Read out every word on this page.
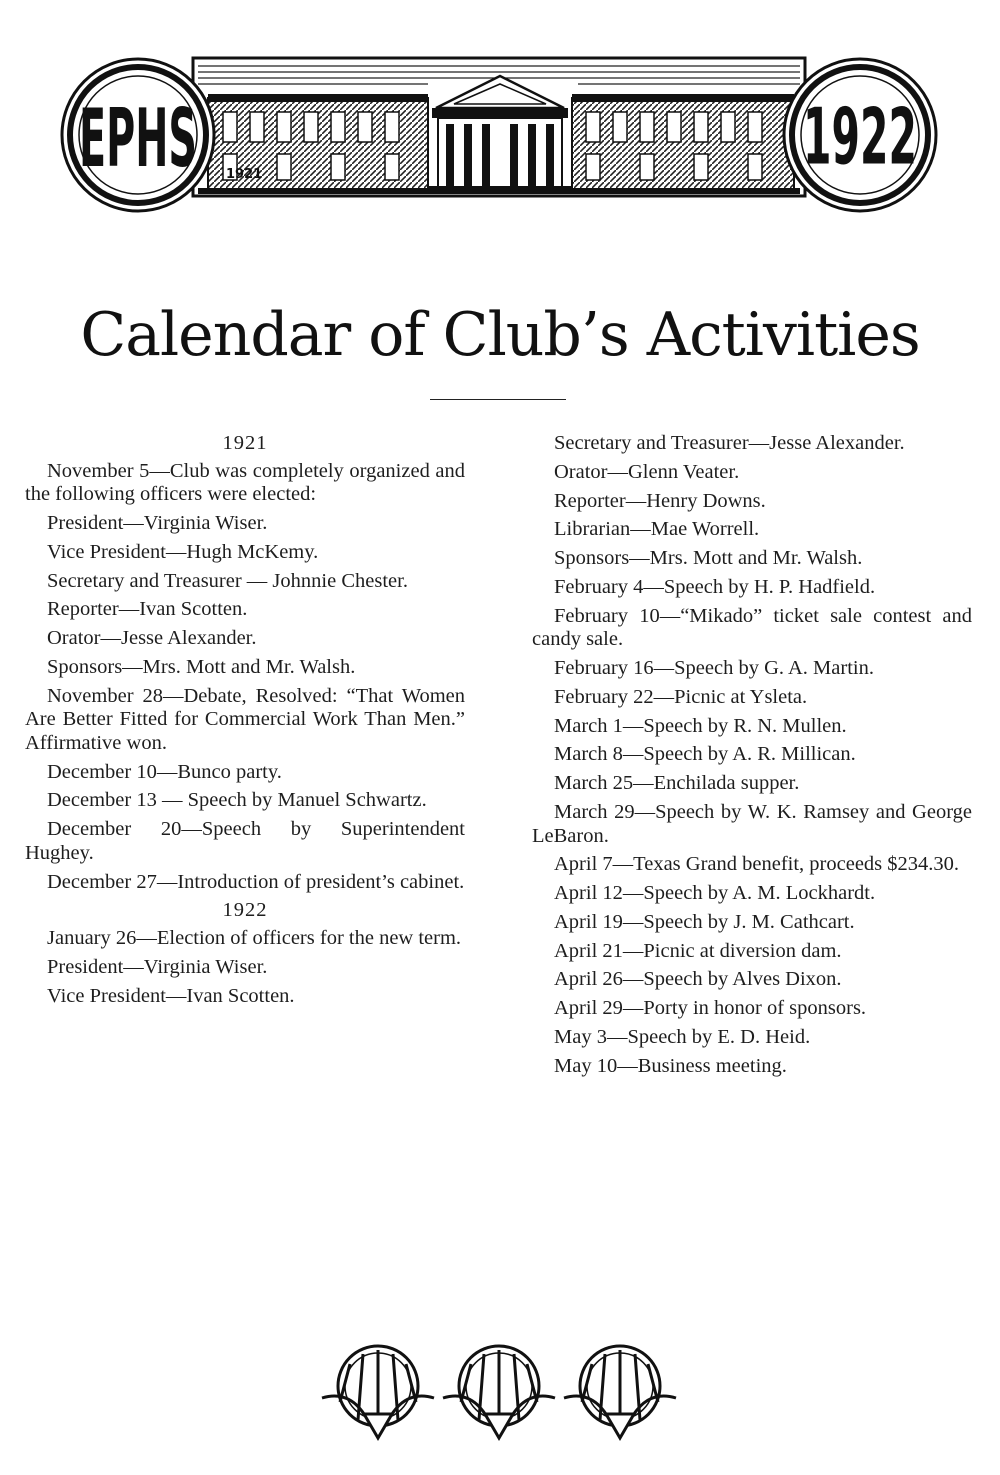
1921
EPHS	1922
Calendar of Club’s Activities

1921

November 5—Club was completely organized and the following officers were elected:

President—Virginia Wiser.

Vice President—Hugh McKemy.

Secretary and Treasurer — Johnnie Chester.

Reporter—Ivan Scotten.

Orator—Jesse Alexander.

Sponsors—Mrs. Mott and Mr. Walsh.

November 28—Debate, Resolved: “That Women Are Better Fitted for Commercial Work Than Men.” Affirmative won.

December 10—Bunco party.

December 13 — Speech by Manuel Schwartz.

December 20—Speech by Superintendent Hughey.

December 27—Introduction of president’s cabinet.

1922

January 26—Election of officers for the new term.

President—Virginia Wiser.

Vice President—Ivan Scotten.

Secretary and Treasurer—Jesse Alexander.

Orator—Glenn Veater.

Reporter—Henry Downs.

Librarian—Mae Worrell.

Sponsors—Mrs. Mott and Mr. Walsh.

February 4—Speech by H. P. Hadfield.

February 10—“Mikado” ticket sale contest and candy sale.

February 16—Speech by G. A. Martin.

February 22—Picnic at Ysleta.

March 1—Speech by R. N. Mullen.

March 8—Speech by A. R. Millican.

March 25—Enchilada supper.

March 29—Speech by W. K. Ramsey and George LeBaron.

April 7—Texas Grand benefit, proceeds $234.30.

April 12—Speech by A. M. Lockhardt.

April 19—Speech by J. M. Cathcart.

April 21—Picnic at diversion dam.

April 26—Speech by Alves Dixon.

April 29—Porty in honor of sponsors.

May 3—Speech by E. D. Heid.

May 10—Business meeting.
